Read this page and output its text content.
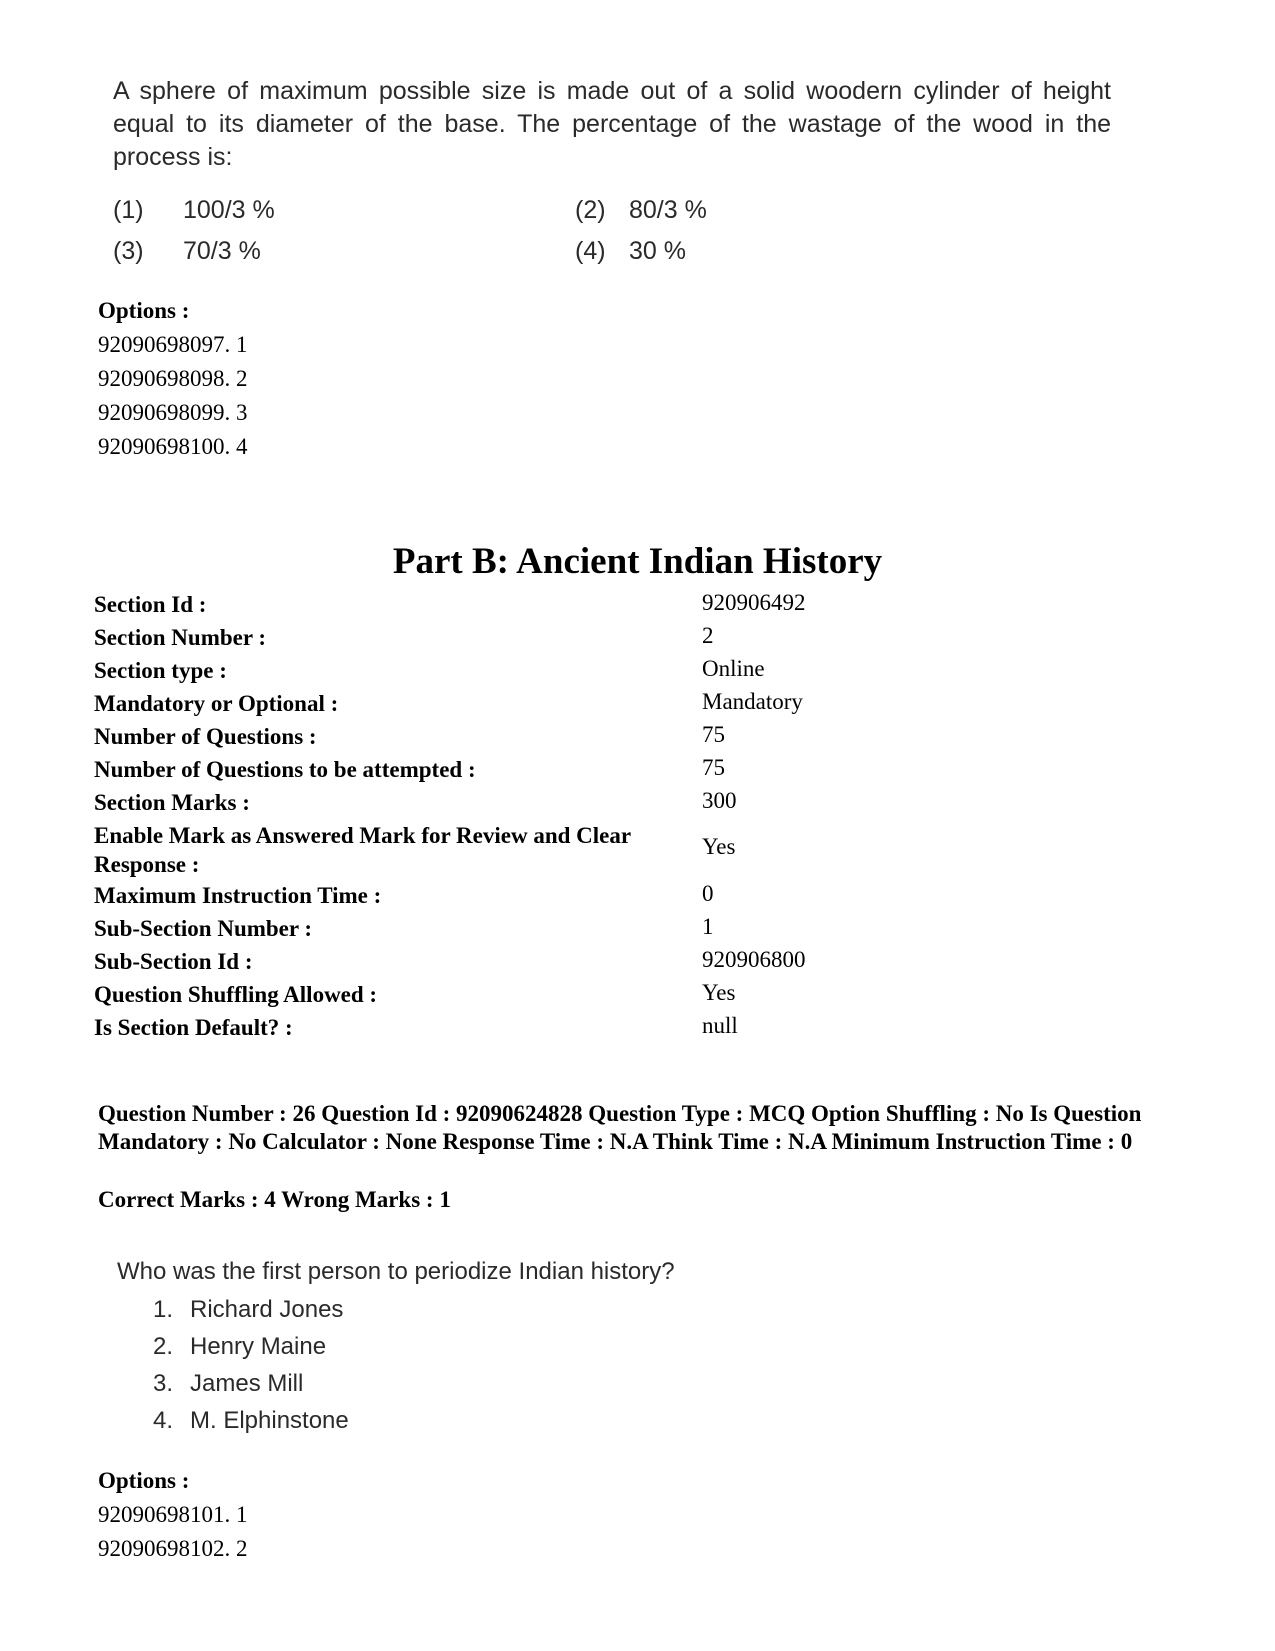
A sphere of maximum possible size is made out of a solid woodern cylinder of height equal to its diameter of the base. The percentage of the wastage of the wood in the process is:
(1) 100/3 %	(2) 80/3 %
(3) 70/3 %	(4) 30 %
Options :
92090698097. 1
92090698098. 2
92090698099. 3
92090698100. 4
Part B: Ancient Indian History
Section Id :	920906492
Section Number :	2
Section type :	Online
Mandatory or Optional :	Mandatory
Number of Questions :	75
Number of Questions to be attempted :	75
Section Marks :	300
Enable Mark as Answered Mark for Review and Clear Response :
Yes
Maximum Instruction Time :	0
Sub-Section Number :	1
Sub-Section Id :	920906800
Question Shuffling Allowed :	Yes
Is Section Default? :	null
Question Number : 26 Question Id : 92090624828 Question Type : MCQ Option Shuffling : No Is Question Mandatory : No Calculator : None Response Time : N.A Think Time : N.A Minimum Instruction Time : 0
Correct Marks : 4 Wrong Marks : 1
Who was the first person to periodize Indian history?
1. Richard Jones
2. Henry Maine
3. James Mill
4. M. Elphinstone
Options :
92090698101. 1
92090698102. 2
